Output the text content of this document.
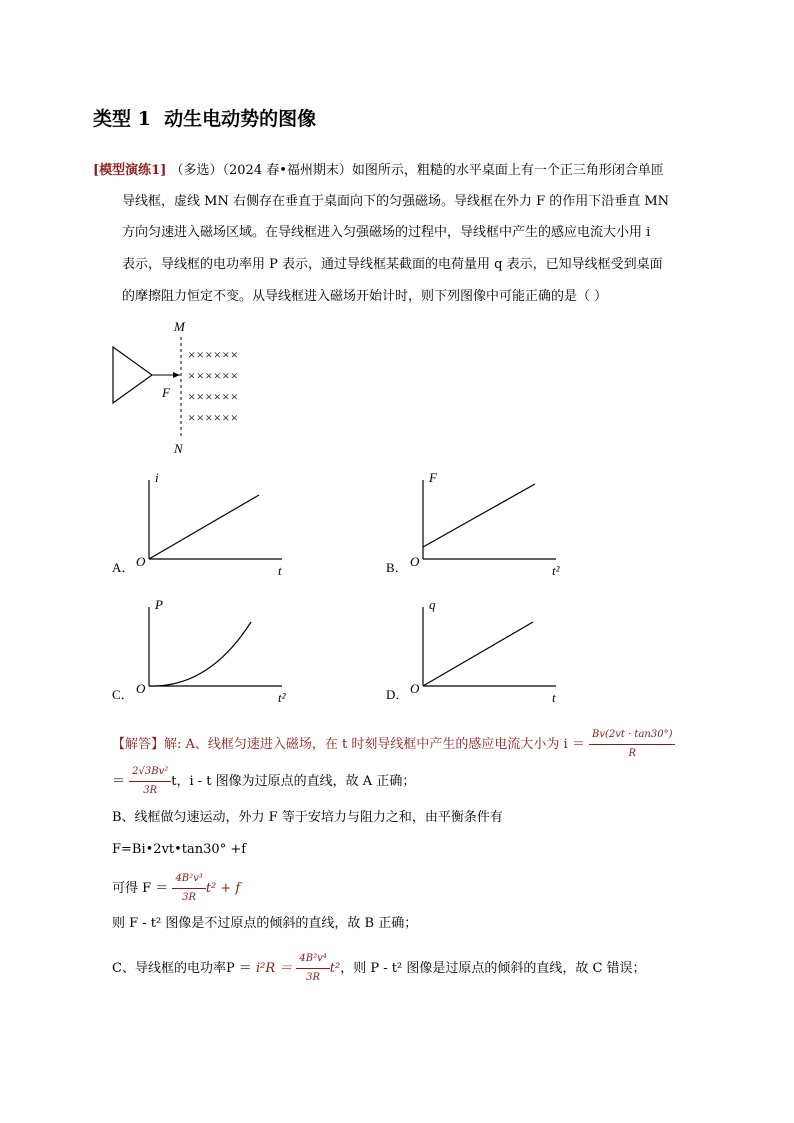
类型 1  动生电动势的图像
[模型演练1] （多选）（2024 春•福州期末）如图所示，粗糙的水平桌面上有一个正三角形闭合单匝
导线框，虚线 MN 右侧存在垂直于桌面向下的匀强磁场。导线框在外力 F 的作用下沿垂直 MN
方向匀速进入磁场区域。在导线框进入匀强磁场的过程中，导线框中产生的感应电流大小用 i
表示，导线框的电功率用 P 表示，通过导线框某截面的电荷量用 q 表示，已知导线框受到桌面
的摩擦阻力恒定不变。从导线框进入磁场开始计时，则下列图像中可能正确的是（ ）
M
N
F
××××××
××××××
××××××
××××××
A． O
i
t	B． O
F
t²
C． O
P
t²	D． O
q
t
【解答】解: A、线框匀速进入磁场，在 t 时刻导线框中产生的感应电流大小为 $i = \frac{Bv(2vt \cdot \tan 30^\circ)}{R}$
＝ $\frac{\text{2√3Bv²}}{3R}$ t，i - t 图像为过原点的直线，故 A 正确；
B、线框做匀速运动，外力 F 等于安培力与阻力之和，由平衡条件有
F=Bi•2vt•tan30° +f
可得 $F = \frac{\text{4B²v³}}{3R} t^2 + f$
则 F - t² 图像是不过原点的倾斜的直线，故 B 正确；
C、导线框的电功率$P = i^2R = \frac{\text{4B²v⁴}}{3R} t^2$，则 P - t² 图像是过原点的倾斜的直线，故 C 错误；
